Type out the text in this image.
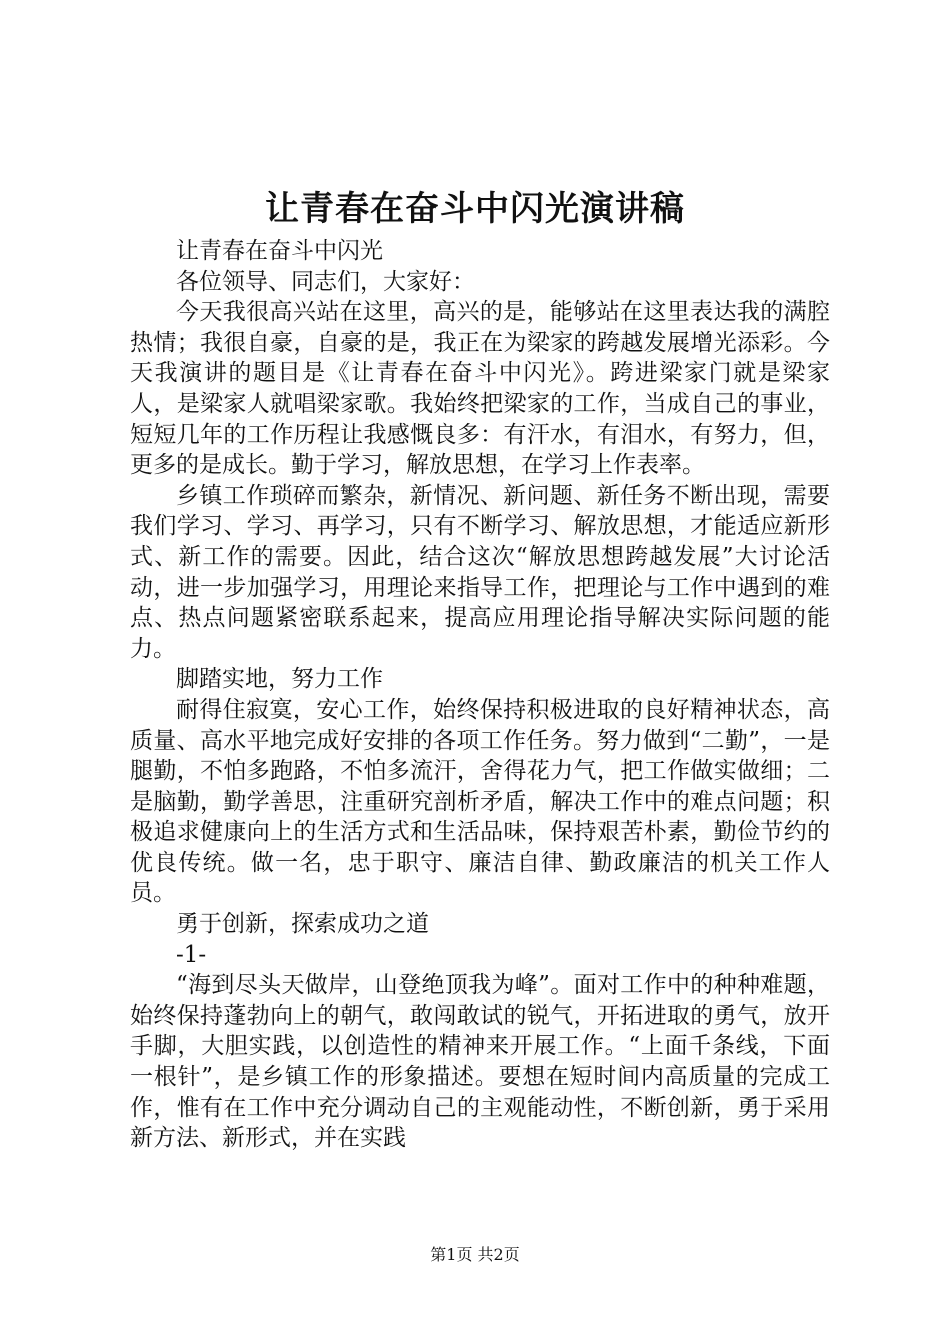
让青春在奋斗中闪光演讲稿

让青春在奋斗中闪光

各位领导、同志们，大家好：

今天我很高兴站在这里，高兴的是，能够站在这里表达我的满腔热情；我很自豪，自豪的是，我正在为梁家的跨越发展增光添彩。今天我演讲的题目是《让青春在奋斗中闪光》。跨进梁家门就是梁家人，是梁家人就唱梁家歌。我始终把梁家的工作，当成自己的事业，短短几年的工作历程让我感慨良多：有汗水，有泪水，有努力，但，更多的是成长。勤于学习，解放思想，在学习上作表率。

乡镇工作琐碎而繁杂，新情况、新问题、新任务不断出现，需要我们学习、学习、再学习，只有不断学习、解放思想，才能适应新形式、新工作的需要。因此，结合这次“解放思想跨越发展”大讨论活动，进一步加强学习，用理论来指导工作，把理论与工作中遇到的难点、热点问题紧密联系起来，提高应用理论指导解决实际问题的能力。

脚踏实地，努力工作

耐得住寂寞，安心工作，始终保持积极进取的良好精神状态，高质量、高水平地完成好安排的各项工作任务。努力做到“二勤”，一是腿勤，不怕多跑路，不怕多流汗，舍得花力气，把工作做实做细；二是脑勤，勤学善思，注重研究剖析矛盾，解决工作中的难点问题；积极追求健康向上的生活方式和生活品味，保持艰苦朴素，勤俭节约的优良传统。做一名，忠于职守、廉洁自律、勤政廉洁的机关工作人员。

勇于创新，探索成功之道

-1-

“海到尽头天做岸，山登绝顶我为峰”。面对工作中的种种难题，始终保持蓬勃向上的朝气，敢闯敢试的锐气，开拓进取的勇气，放开手脚，大胆实践，以创造性的精神来开展工作。“上面千条线，下面一根针”，是乡镇工作的形象描述。要想在短时间内高质量的完成工作，惟有在工作中充分调动自己的主观能动性，不断创新，勇于采用新方法、新形式，并在实践

第1页 共2页
